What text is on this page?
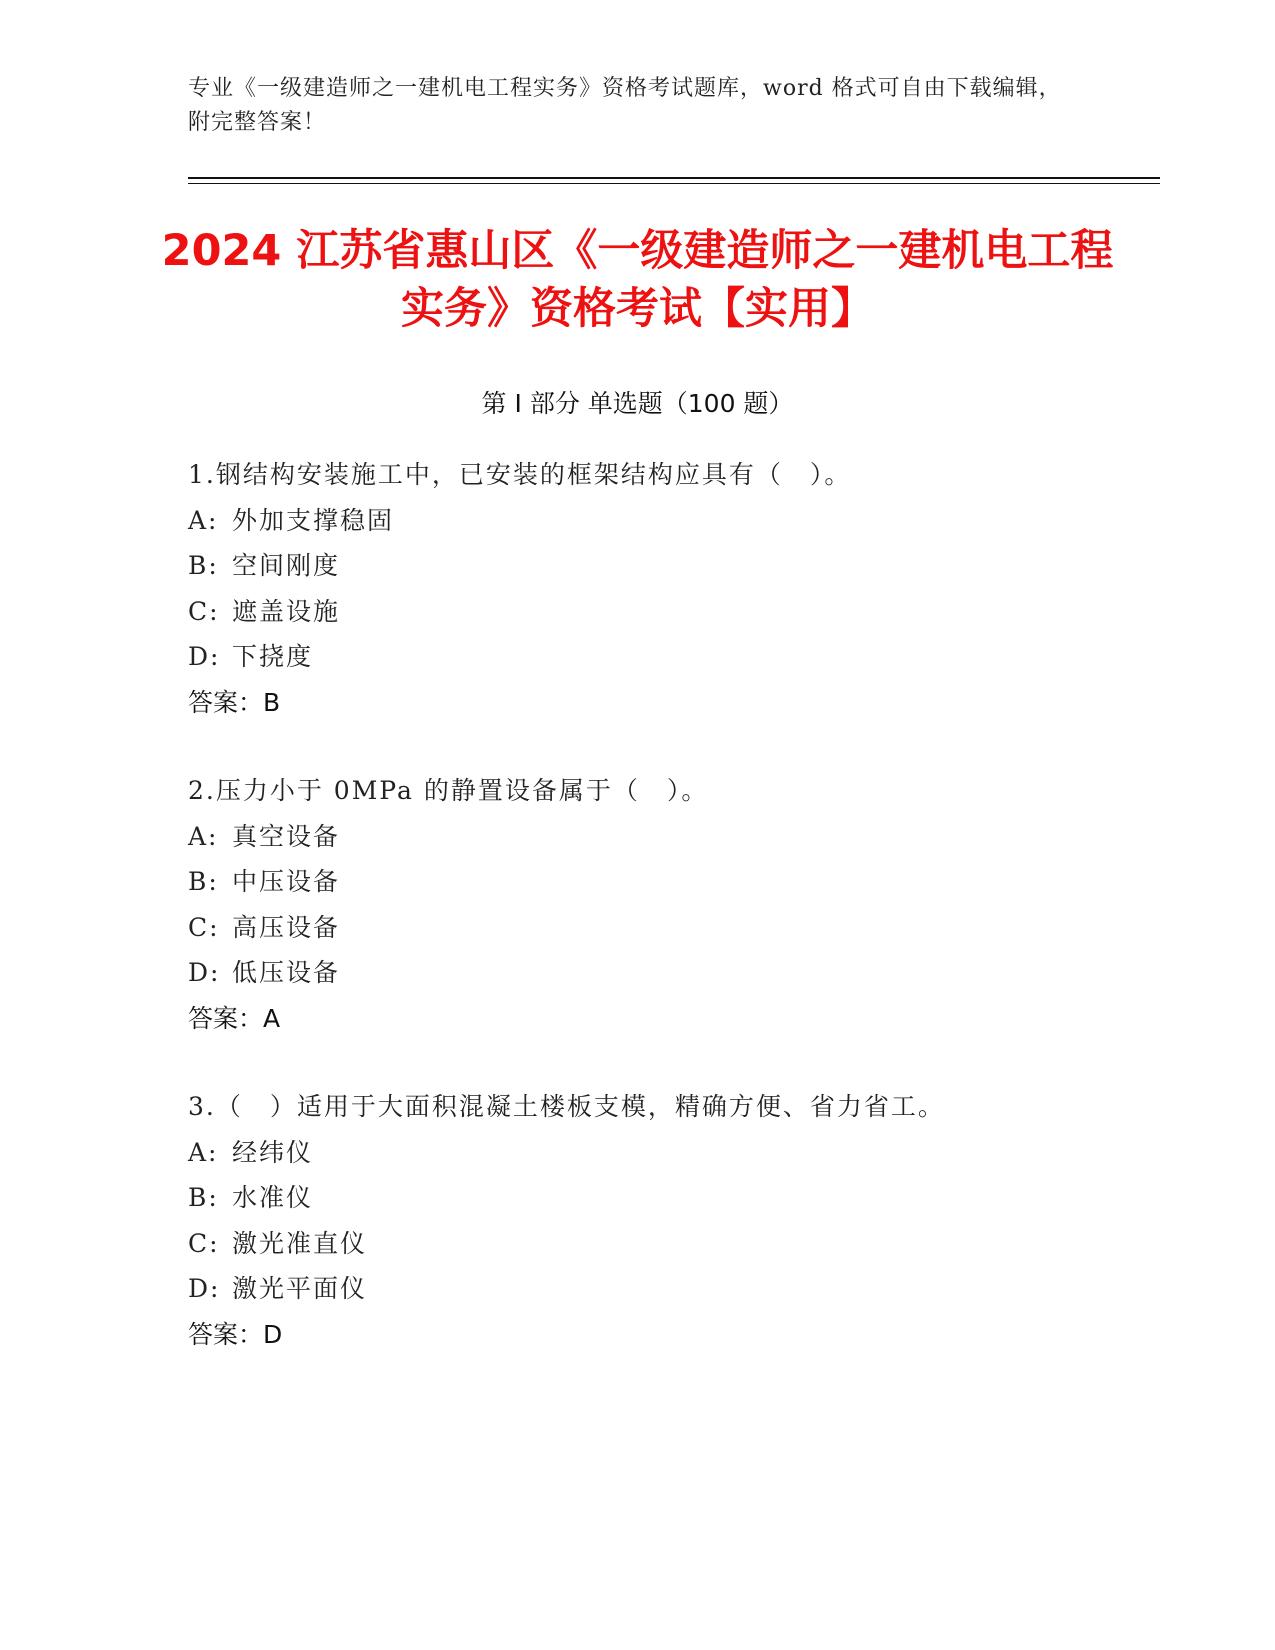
专业《一级建造师之一建机电工程实务》资格考试题库，word 格式可自由下载编辑，附完整答案！
2024 江苏省惠山区《一级建造师之一建机电工程实务》资格考试【实用】
第 I 部分 单选题（100 题）
1.钢结构安装施工中，已安装的框架结构应具有（　）。
A: 外加支撑稳固
B: 空间刚度
C: 遮盖设施
D: 下挠度
答案：B
2.压力小于 0MPa 的静置设备属于（　）。
A: 真空设备
B: 中压设备
C: 高压设备
D: 低压设备
答案：A
3.（　）适用于大面积混凝土楼板支模，精确方便、省力省工。
A: 经纬仪
B: 水准仪
C: 激光准直仪
D: 激光平面仪
答案：D
